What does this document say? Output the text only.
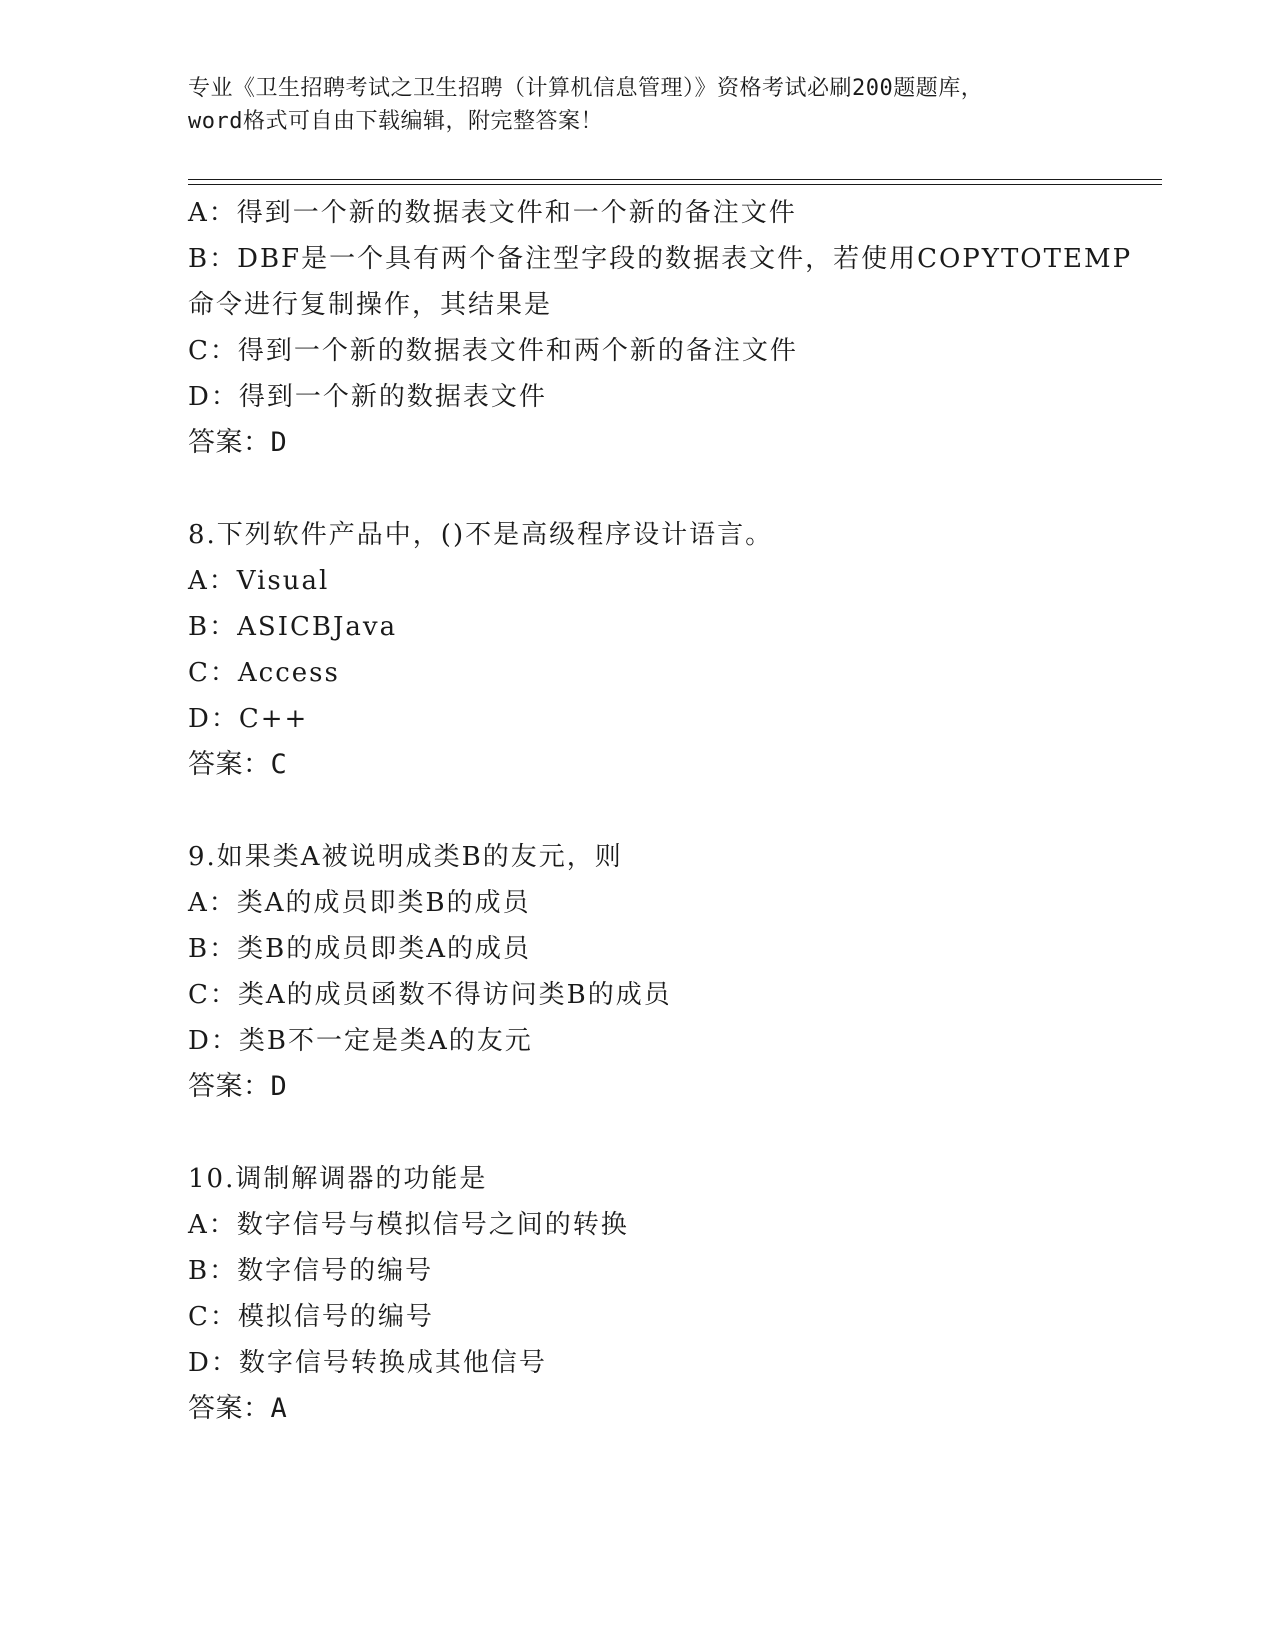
专业《卫生招聘考试之卫生招聘（计算机信息管理）》资格考试必刷200题题库，
word格式可自由下载编辑，附完整答案！
A：得到一个新的数据表文件和一个新的备注文件
B：DBF是一个具有两个备注型字段的数据表文件，若使用COPYTOTEMP
命令进行复制操作，其结果是
C：得到一个新的数据表文件和两个新的备注文件
D：得到一个新的数据表文件
答案：D
8.下列软件产品中，()不是高级程序设计语言。
A：Visual
B：ASICBJava
C：Access
D：C++
答案：C
9.如果类A被说明成类B的友元，则
A：类A的成员即类B的成员
B：类B的成员即类A的成员
C：类A的成员函数不得访问类B的成员
D：类B不一定是类A的友元
答案：D
10.调制解调器的功能是
A：数字信号与模拟信号之间的转换
B：数字信号的编号
C：模拟信号的编号
D：数字信号转换成其他信号
答案：A
